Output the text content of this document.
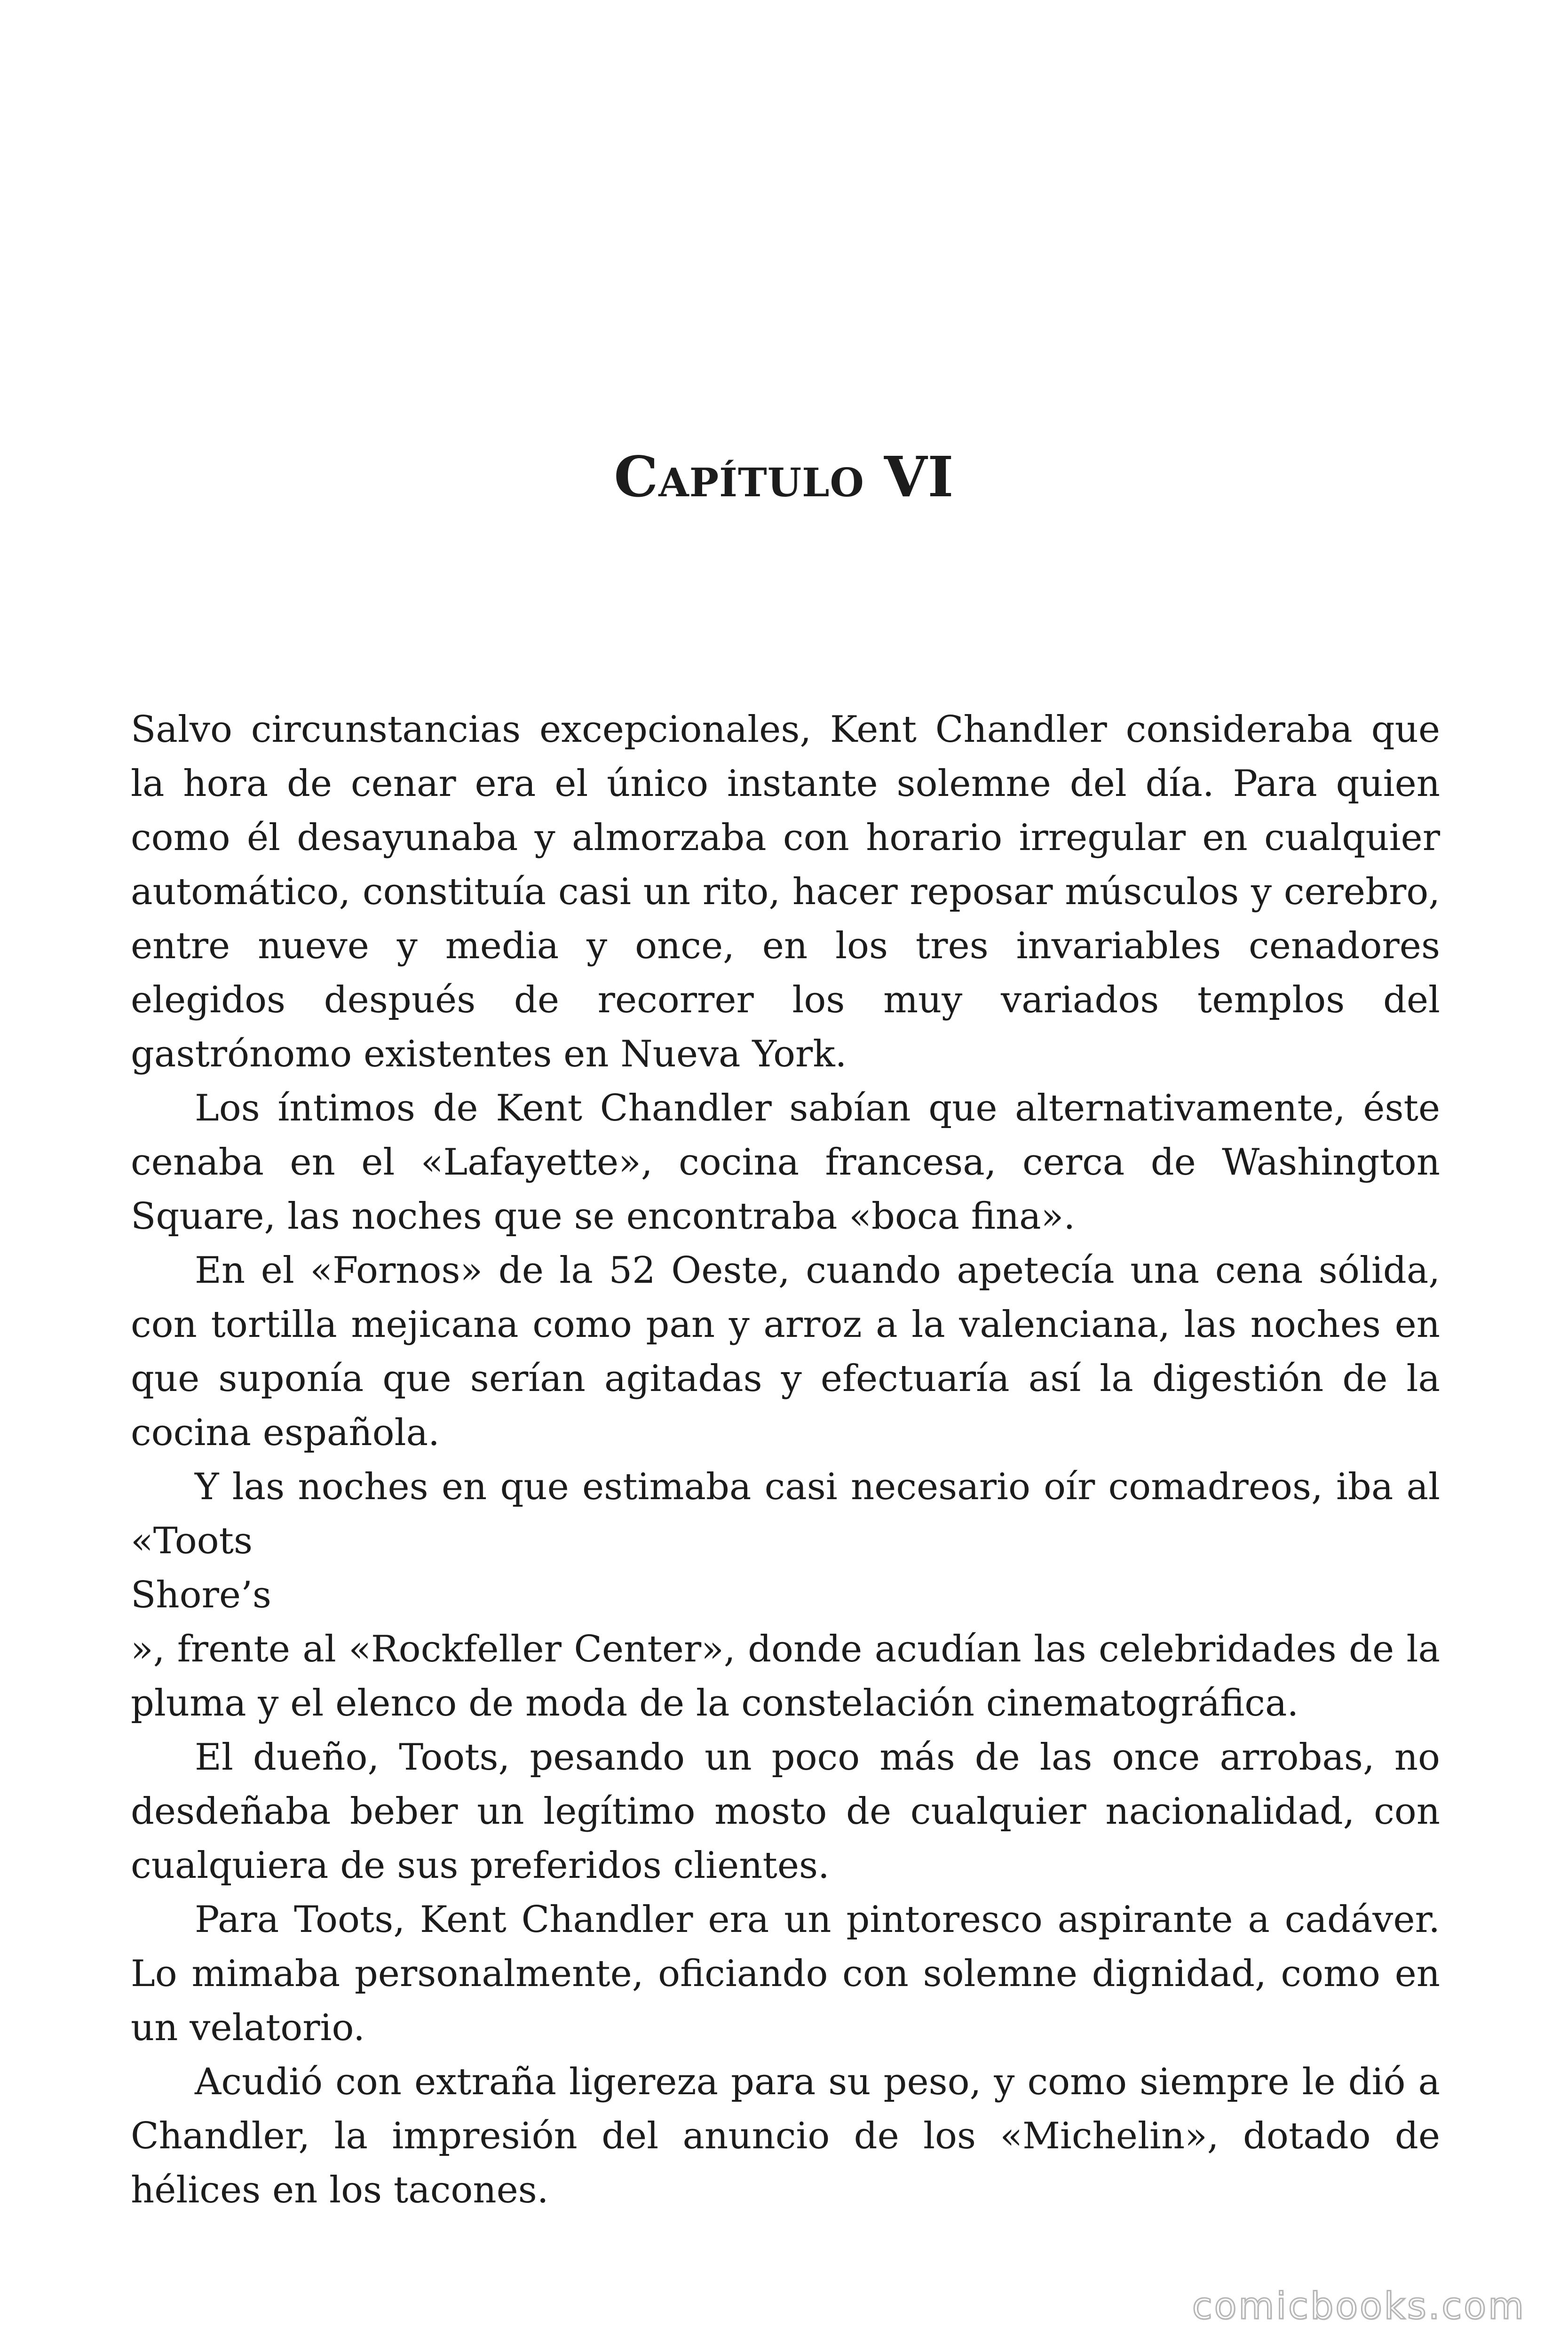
Capítulo VI

Salvo circunstancias excepcionales, Kent Chandler consideraba que la hora de cenar era el único instante solemne del día. Para quien como él desayunaba y almorzaba con horario irregular en cualquier automático, constituía casi un rito, hacer reposar músculos y cerebro, entre nueve y media y once, en los tres invariables cenadores elegidos después de recorrer los muy variados templos del gastrónomo existentes en Nueva York.

Los íntimos de Kent Chandler sabían que alternativamente, éste cenaba en el «Lafayette», cocina francesa, cerca de Washington Square, las noches que se encontraba «boca fina».

En el «Fornos» de la 52 Oeste, cuando apetecía una cena sólida, con tortilla mejicana como pan y arroz a la valenciana, las noches en que suponía que serían agitadas y efectuaría así la digestión de la cocina española.

Y las noches en que estimaba casi necesario oír comadreos, iba al «Toots

Shore’s

», frente al «Rockfeller Center», donde acudían las celebridades de la pluma y el elenco de moda de la constelación cinematográfica.

El dueño, Toots, pesando un poco más de las once arrobas, no desdeñaba beber un legítimo mosto de cualquier nacionalidad, con cualquiera de sus preferidos clientes.

Para Toots, Kent Chandler era un pintoresco aspirante a cadáver. Lo mimaba personalmente, oficiando con solemne dignidad, como en un velatorio.

Acudió con extraña ligereza para su peso, y como siempre le dió a Chandler, la impresión del anuncio de los «Michelin», dotado de hélices en los tacones.

comicbooks.com
